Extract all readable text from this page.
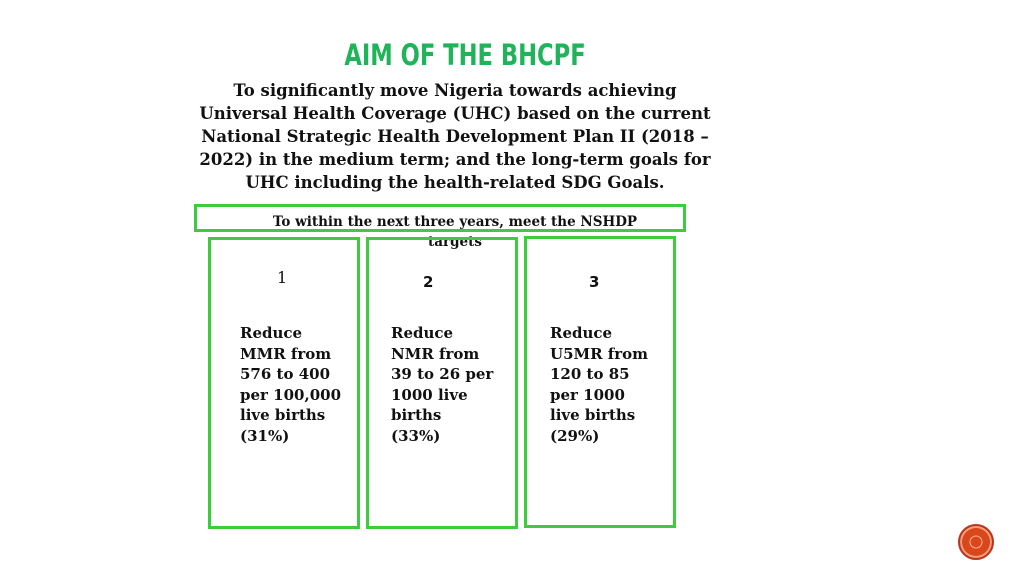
AIM OF THE BHCPF
To significantly move Nigeria towards achieving
Universal Health Coverage (UHC) based on the current
National Strategic Health Development Plan II (2018 –
2022) in the medium term; and the long-term goals for
UHC including the health-related SDG Goals.
To within the next three years, meet the NSHDP
targets
1	2	3
Reduce
MMR from
576 to 400
per 100,000
live births
(31%)
Reduce
NMR from
39 to 26 per
1000 live
births
(33%)
Reduce
U5MR from
120 to 85
per 1000
live births
(29%)
